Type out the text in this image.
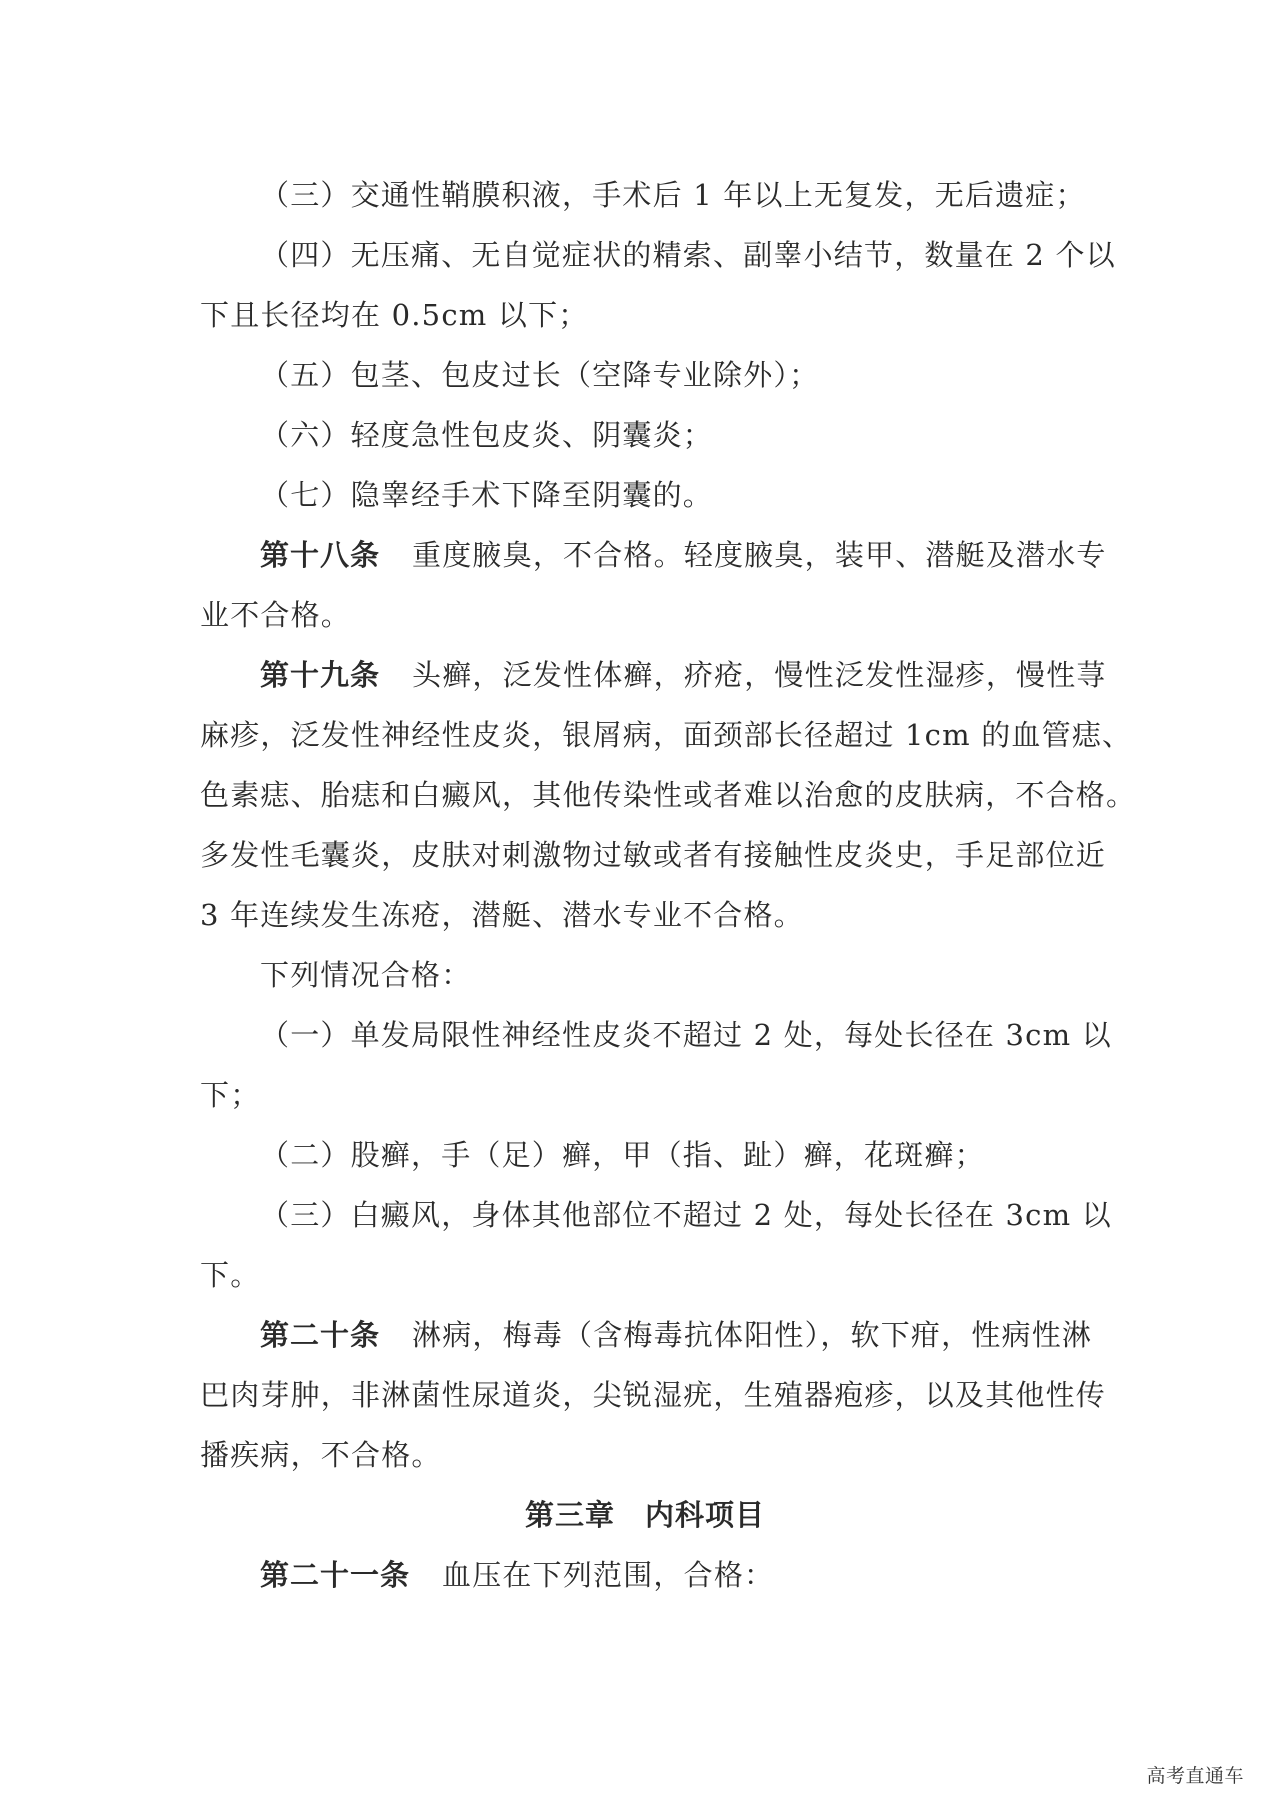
（三）交通性鞘膜积液，手术后 1 年以上无复发，无后遗症；
（四）无压痛、无自觉症状的精索、副睾小结节，数量在 2 个以
下且长径均在 0.5cm 以下；
（五）包茎、包皮过长（空降专业除外）；
（六）轻度急性包皮炎、阴囊炎；
（七）隐睾经手术下降至阴囊的。
第十八条 重度腋臭，不合格。轻度腋臭，装甲、潜艇及潜水专
业不合格。
第十九条 头癣，泛发性体癣，疥疮，慢性泛发性湿疹，慢性荨
麻疹，泛发性神经性皮炎，银屑病，面颈部长径超过 1cm 的血管痣、
色素痣、胎痣和白癜风，其他传染性或者难以治愈的皮肤病，不合格。
多发性毛囊炎，皮肤对刺激物过敏或者有接触性皮炎史，手足部位近
3 年连续发生冻疮，潜艇、潜水专业不合格。
下列情况合格：
（一）单发局限性神经性皮炎不超过 2 处，每处长径在 3cm 以
下；
（二）股癣，手（足）癣，甲（指、趾）癣，花斑癣；
（三）白癜风，身体其他部位不超过 2 处，每处长径在 3cm 以
下。
第二十条 淋病，梅毒（含梅毒抗体阳性），软下疳，性病性淋
巴肉芽肿，非淋菌性尿道炎，尖锐湿疣，生殖器疱疹，以及其他性传
播疾病，不合格。
第三章　内科项目
第二十一条 血压在下列范围，合格：
高考直通车
